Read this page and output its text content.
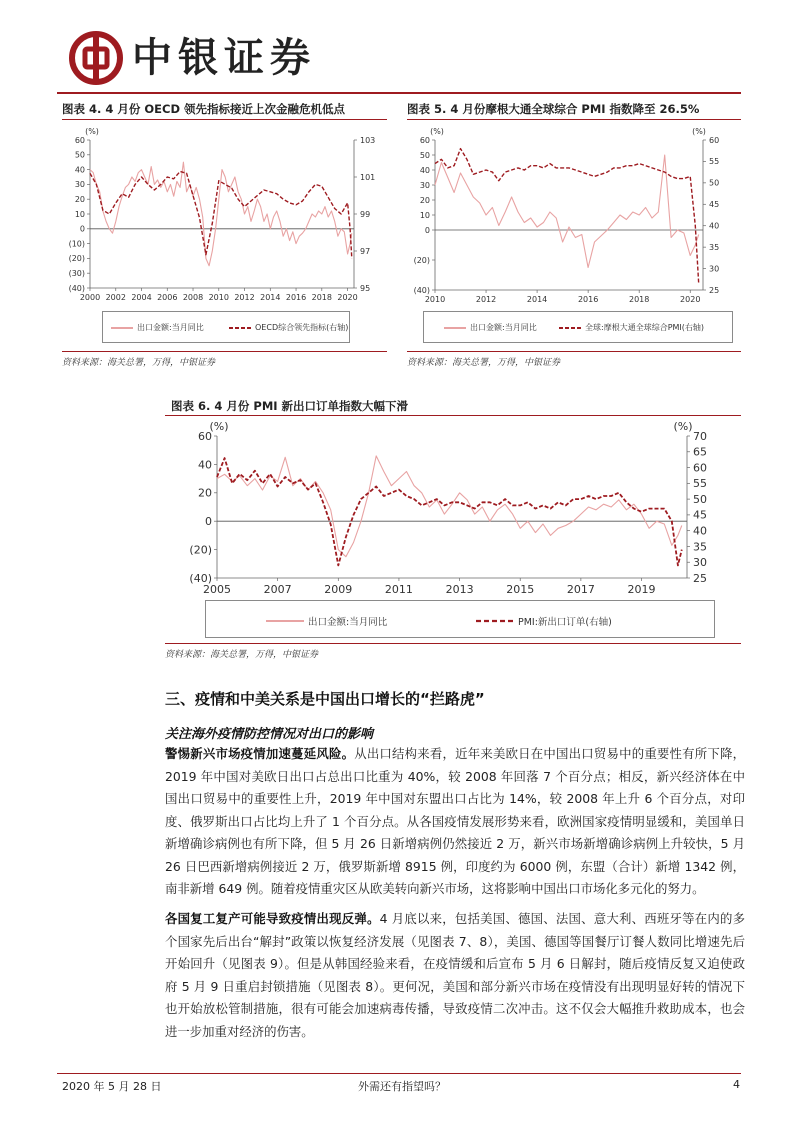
中银证券
图表 4. 4 月份 OECD 领先指标接近上次金融危机低点
60
50
40
30
20
10
0
(10)
(20)
(30)
(40)
103
101
99
97
95
2000 2002 2004 2006 2008 2010 2012 2014 2016 2018 2020
(%)
出口金额:当月同比	OECD综合领先指标(右轴)
资料来源：海关总署，万得，中银证券
图表 5. 4 月份摩根大通全球综合 PMI 指数降至 26.5%
60
50
40
30
20
10
0
(20)
(40)
60
55
50
45
40
35
30
25
2010	2012	2014	2016	2018	2020
(%)	(%)
出口金额:当月同比	全球:摩根大通全球综合PMI(右轴)
资料来源：海关总署，万得，中银证券
图表 6. 4 月份 PMI 新出口订单指数大幅下滑
60
40
20
0
(20)
(40)
70
65
60
55
50
45
40
35
30
25
2005	2007	2009	2011	2013	2015	2017	2019
(%)	(%)
出口金额:当月同比	PMI:新出口订单(右轴)
资料来源：海关总署，万得，中银证券
三、疫情和中美关系是中国出口增长的“拦路虎”
关注海外疫情防控情况对出口的影响
警惕新兴市场疫情加速蔓延风险。从出口结构来看，近年来美欧日在中国出口贸易中的重要性有所下降，2019 年中国对美欧日出口占总出口比重为 40%，较 2008 年回落 7 个百分点；相反，新兴经济体在中国出口贸易中的重要性上升，2019 年中国对东盟出口占比为 14%，较 2008 年上升 6 个百分点，对印度、俄罗斯出口占比均上升了 1 个百分点。从各国疫情发展形势来看，欧洲国家疫情明显缓和，美国单日新增确诊病例也有所下降，但 5 月 26 日新增病例仍然接近 2 万，新兴市场新增确诊病例上升较快，5 月 26 日巴西新增病例接近 2 万，俄罗斯新增 8915 例，印度约为 6000 例，东盟（合计）新增 1342 例，南非新增 649 例。随着疫情重灾区从欧美转向新兴市场，这将影响中国出口市场化多元化的努力。
各国复工复产可能导致疫情出现反弹。4 月底以来，包括美国、德国、法国、意大利、西班牙等在内的多个国家先后出台“解封”政策以恢复经济发展（见图表 7、8），美国、德国等国餐厅订餐人数同比增速先后开始回升（见图表 9）。但是从韩国经验来看，在疫情缓和后宣布 5 月 6 日解封，随后疫情反复又迫使政府 5 月 9 日重启封锁措施（见图表 8）。更何况，美国和部分新兴市场在疫情没有出现明显好转的情况下也开始放松管制措施，很有可能会加速病毒传播，导致疫情二次冲击。这不仅会大幅推升救助成本，也会进一步加重对经济的伤害。
2020 年 5 月 28 日	外需还有指望吗？	4
